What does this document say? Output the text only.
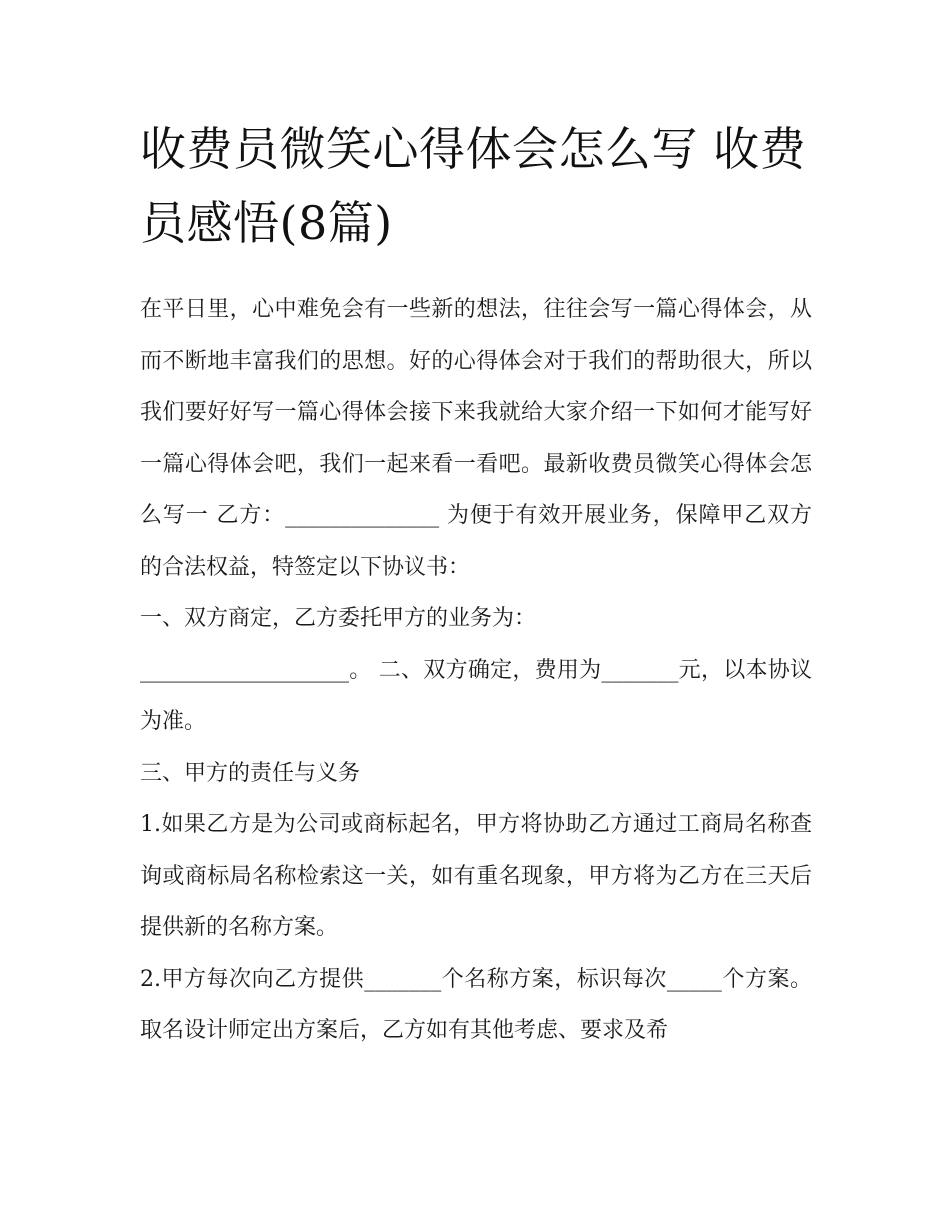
收费员微笑心得体会怎么写 收费员感悟(8篇)

在平日里，心中难免会有一些新的想法，往往会写一篇心得体会，从而不断地丰富我们的思想。好的心得体会对于我们的帮助很大，所以我们要好好写一篇心得体会接下来我就给大家介绍一下如何才能写好一篇心得体会吧，我们一起来看一看吧。最新收费员微笑心得体会怎么写一 乙方：______________ 为便于有效开展业务，保障甲乙双方的合法权益，特签定以下协议书：

一、双方商定，乙方委托甲方的业务为：

___________________。 二、双方确定，费用为_______元，以本协议为准。

三、甲方的责任与义务

1.如果乙方是为公司或商标起名，甲方将协助乙方通过工商局名称查询或商标局名称检索这一关，如有重名现象，甲方将为乙方在三天后提供新的名称方案。

2.甲方每次向乙方提供_______个名称方案，标识每次_____个方案。取名设计师定出方案后，乙方如有其他考虑、要求及希
